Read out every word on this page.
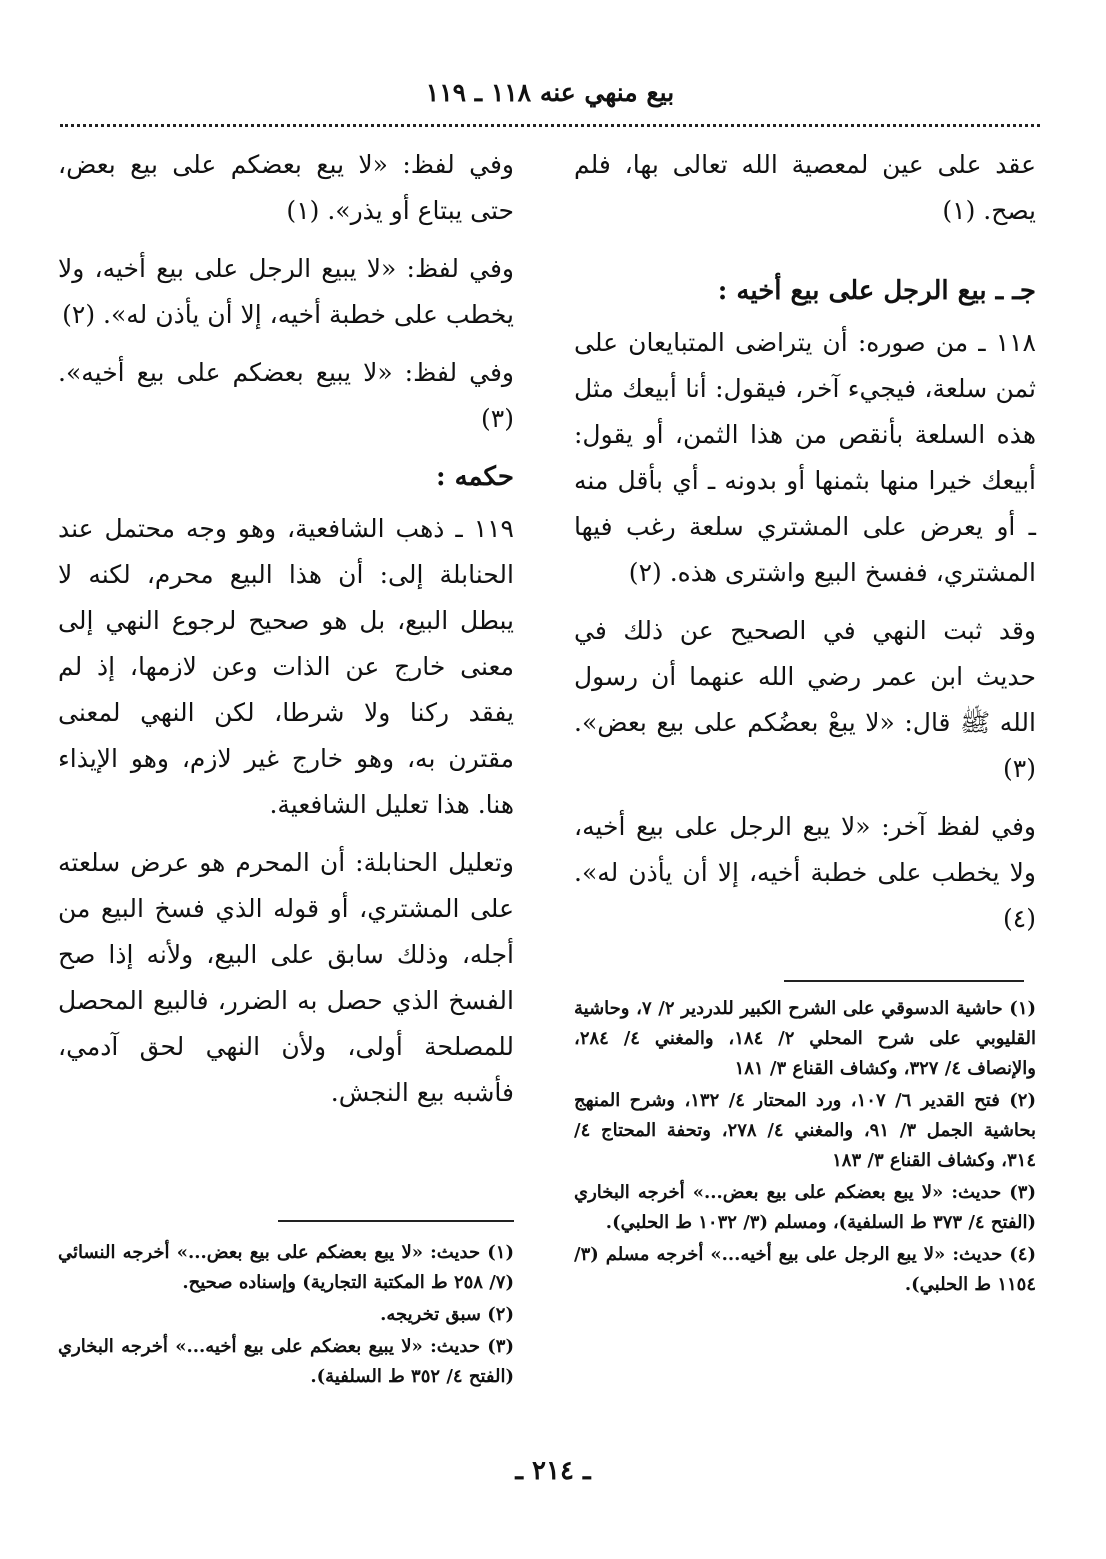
بيع منهي عنه ١١٨ ـ ١١٩

عقد على عين لمعصية الله تعالى بها، فلم يصح. (١)

جـ ـ بيع الرجل على بيع أخيه :

١١٨ ـ من صوره: أن يتراضى المتبايعان على ثمن سلعة، فيجيء آخر، فيقول: أنا أبيعك مثل هذه السلعة بأنقص من هذا الثمن، أو يقول: أبيعك خيرا منها بثمنها أو بدونه ـ أي بأقل منه ـ أو يعرض على المشتري سلعة رغب فيها المشتري، ففسخ البيع واشترى هذه. (٢)

وقد ثبت النهي في الصحيح عن ذلك في حديث ابن عمر رضي الله عنهما أن رسول الله ﷺ قال: «لا يبعْ بعضُكم على بيع بعض». (٣)

وفي لفظ آخر: «لا يبع الرجل على بيع أخيه، ولا يخطب على خطبة أخيه، إلا أن يأذن له». (٤)

وفي لفظ: «لا يبع بعضكم على بيع بعض، حتى يبتاع أو يذر». (١)

وفي لفظ: «لا يبيع الرجل على بيع أخيه، ولا يخطب على خطبة أخيه، إلا أن يأذن له». (٢)

وفي لفظ: «لا يبيع بعضكم على بيع أخيه». (٣)

حكمه :

١١٩ ـ ذهب الشافعية، وهو وجه محتمل عند الحنابلة إلى: أن هذا البيع محرم، لكنه لا يبطل البيع، بل هو صحيح لرجوع النهي إلى معنى خارج عن الذات وعن لازمها، إذ لم يفقد ركنا ولا شرطا، لكن النهي لمعنى مقترن به، وهو خارج غير لازم، وهو الإيذاء هنا. هذا تعليل الشافعية.

وتعليل الحنابلة: أن المحرم هو عرض سلعته على المشتري، أو قوله الذي فسخ البيع من أجله، وذلك سابق على البيع، ولأنه إذا صح الفسخ الذي حصل به الضرر، فالبيع المحصل للمصلحة أولى، ولأن النهي لحق آدمي، فأشبه بيع النجش.

(١) حاشية الدسوقي على الشرح الكبير للدردير ٢/ ٧، وحاشية القليوبي على شرح المحلي ٢/ ١٨٤، والمغني ٤/ ٢٨٤، والإنصاف ٤/ ٣٢٧، وكشاف القناع ٣/ ١٨١

(٢) فتح القدير ٦/ ١٠٧، ورد المحتار ٤/ ١٣٢، وشرح المنهج بحاشية الجمل ٣/ ٩١، والمغني ٤/ ٢٧٨، وتحفة المحتاج ٤/ ٣١٤، وكشاف القناع ٣/ ١٨٣

(٣) حديث: «لا يبع بعضكم على بيع بعض...» أخرجه البخاري (الفتح ٤/ ٣٧٣ ط السلفية)، ومسلم (٣/ ١٠٣٢ ط الحلبي).

(٤) حديث: «لا يبع الرجل على بيع أخيه...» أخرجه مسلم (٣/ ١١٥٤ ط الحلبي).

(١) حديث: «لا يبع بعضكم على بيع بعض...» أخرجه النسائي (٧/ ٢٥٨ ط المكتبة التجارية) وإسناده صحيح.

(٢) سبق تخريجه.

(٣) حديث: «لا يبيع بعضكم على بيع أخيه...» أخرجه البخاري (الفتح ٤/ ٣٥٢ ط السلفية).

ـ ٢١٤ ـ
